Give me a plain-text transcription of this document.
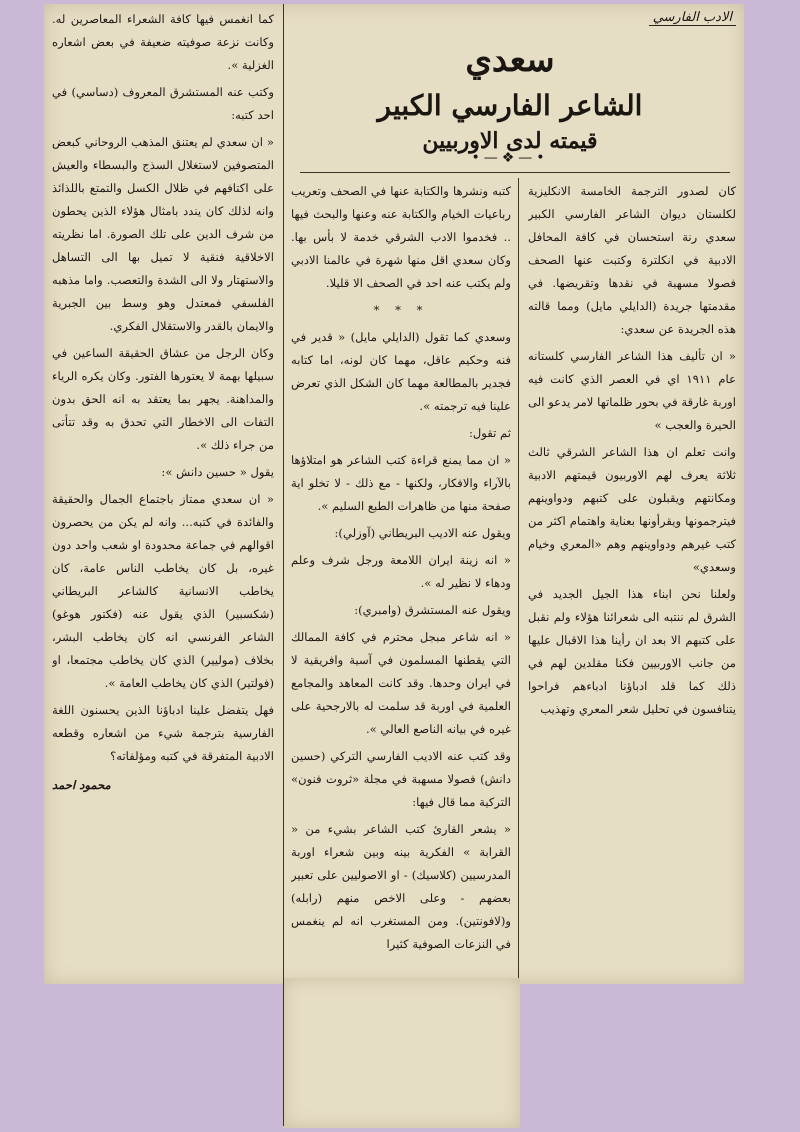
الادب الفارسي
سعدي
الشاعر الفارسي الكبير
قيمته لدى الاوربيين
•—❖—•

كان لصدور الترجمة الخامسة الانكليزية لكلستان ديوان الشاعر الفارسي الكبير سعدي رنة استحسان في كافة المحافل الادبية في انكلترة وكتبت عنها الصحف فصولا مسهبة في نقدها وتقريضها. في مقدمتها جريدة (الدايلي مايل) ومما قالته هذه الجريدة عن سعدي:

« ان تأليف هذا الشاعر الفارسي كلستانه عام ١٩١١ اي في العصر الذي كانت فيه اوربة غارقة في بحور ظلماتها لامر يدعو الى الحيرة والعجب »

وانت تعلم ان هذا الشاعر الشرقي ثالث ثلاثة يعرف لهم الاوربيون قيمتهم الادبية ومكانتهم ويقبلون على كتبهم ودواوينهم فيترجمونها ويقرأونها بعناية واهتمام اكثر من كتب غيرهم ودواوينهم وهم «المعري وخيام وسعدي»

ولعلنا نحن ابناء هذا الجيل الجديد في الشرق لم ننتبه الى شعرائنا هؤلاء ولم نقبل على كتبهم الا بعد ان رأينا هذا الاقبال عليها من جانب الاوربيين فكنا مقلدين لهم في ذلك كما قلد ادباؤنا ادباءهم فراحوا يتنافسون في تحليل شعر المعري وتهذيب

كتبه ونشرها والكتابة عنها في الصحف وتعريب رباعيات الخيام والكتابة عنه وعنها والبحث فيها .. فخدموا الادب الشرقي خدمة لا بأس بها. وكان سعدي اقل منها شهرة في عالمنا الادبي ولم يكتب عنه احد في الصحف الا قليلا.

* * *

وسعدي كما تقول (الدايلي مايل) « قدير في فنه وحكيم عاقل، مهما كان لونه، اما كتابه فجدير بالمطالعة مهما كان الشكل الذي تعرض علينا فيه ترجمته ».

ثم تقول:

« ان مما يمنع قراءة كتب الشاعر هو امتلاؤها بالآراء والافكار، ولكنها - مع ذلك - لا تخلو اية صفحة منها من ظاهرات الطبع السليم ».

ويقول عنه الاديب البريطاني (آوزلي):

« انه زينة ايران اللامعة ورجل شرف وعلم ودهاء لا نظير له ».

ويقول عنه المستشرق (وامبري):

« انه شاعر مبجل محترم في كافة الممالك التي يقطنها المسلمون في آسية وافريقية لا في ايران وحدها. وقد كانت المعاهد والمجامع العلمية في اوربة قد سلمت له بالارجحية على غيره في بيانه الناصع العالي ».

وقد كتب عنه الاديب الفارسي التركي (حسين دانش) فصولا مسهبة في مجلة «ثروت فنون» التركية مما قال فيها:

« يشعر القارئ كتب الشاعر بشيء من « القرابة » الفكرية بينه وبين شعراء اوربة المدرسيين (كلاسيك) - او الاصوليين على تعبير بعضهم - وعلى الاخص منهم (رابله) و(لافونتين). ومن المستغرب انه لم ينغمس في النزعات الصوفية كثيرا

كما انغمس فيها كافة الشعراء المعاصرين له. وكانت نزعة صوفيته ضعيفة في بعض اشعاره الغزلية ».

وكتب عنه المستشرق المعروف (دساسي) في احد كتبه:

« ان سعدي لم يعتنق المذهب الروحاني كبعض المتصوفين لاستغلال السذج والبسطاء والعيش على اكتافهم في ظلال الكسل والتمتع باللذائذ وانه لذلك كان يندد بامثال هؤلاء الذين يحطون من شرف الدين على تلك الصورة. اما نظريته الاخلاقية فنقية لا تميل بها الى التساهل والاستهتار ولا الى الشدة والتعصب. واما مذهبه الفلسفي فمعتدل وهو وسط بين الجبرية والايمان بالقدر والاستقلال الفكري.

وكان الرجل من عشاق الحقيقة الساعين في سبيلها بهمة لا يعتورها الفتور. وكان يكره الرياء والمداهنة. يجهر بما يعتقد به انه الحق بدون التفات الى الاخطار التي تحدق به وقد تتأتى من جراء ذلك ».

يقول « حسين دانش »:

« ان سعدي ممتاز باجتماع الجمال والحقيقة والفائدة في كتبه... وانه لم يكن من يحصرون اقوالهم في جماعة محدودة او شعب واحد دون غيره، بل كان يخاطب الناس عامة، كان يخاطب الانسانية كالشاعر البريطاني (شكسبير) الذي يقول عنه (فكتور هوغو) الشاعر الفرنسي انه كان يخاطب البشر، بخلاف (موليير) الذي كان يخاطب مجتمعا، او (فولتير) الذي كان يخاطب العامة ».

فهل يتفضل علينا ادباؤنا الذين يحسنون اللغة الفارسية بترجمة شيء من اشعاره وقطعه الادبية المتفرقة في كتبه ومؤلفاته؟

محمود احمد
